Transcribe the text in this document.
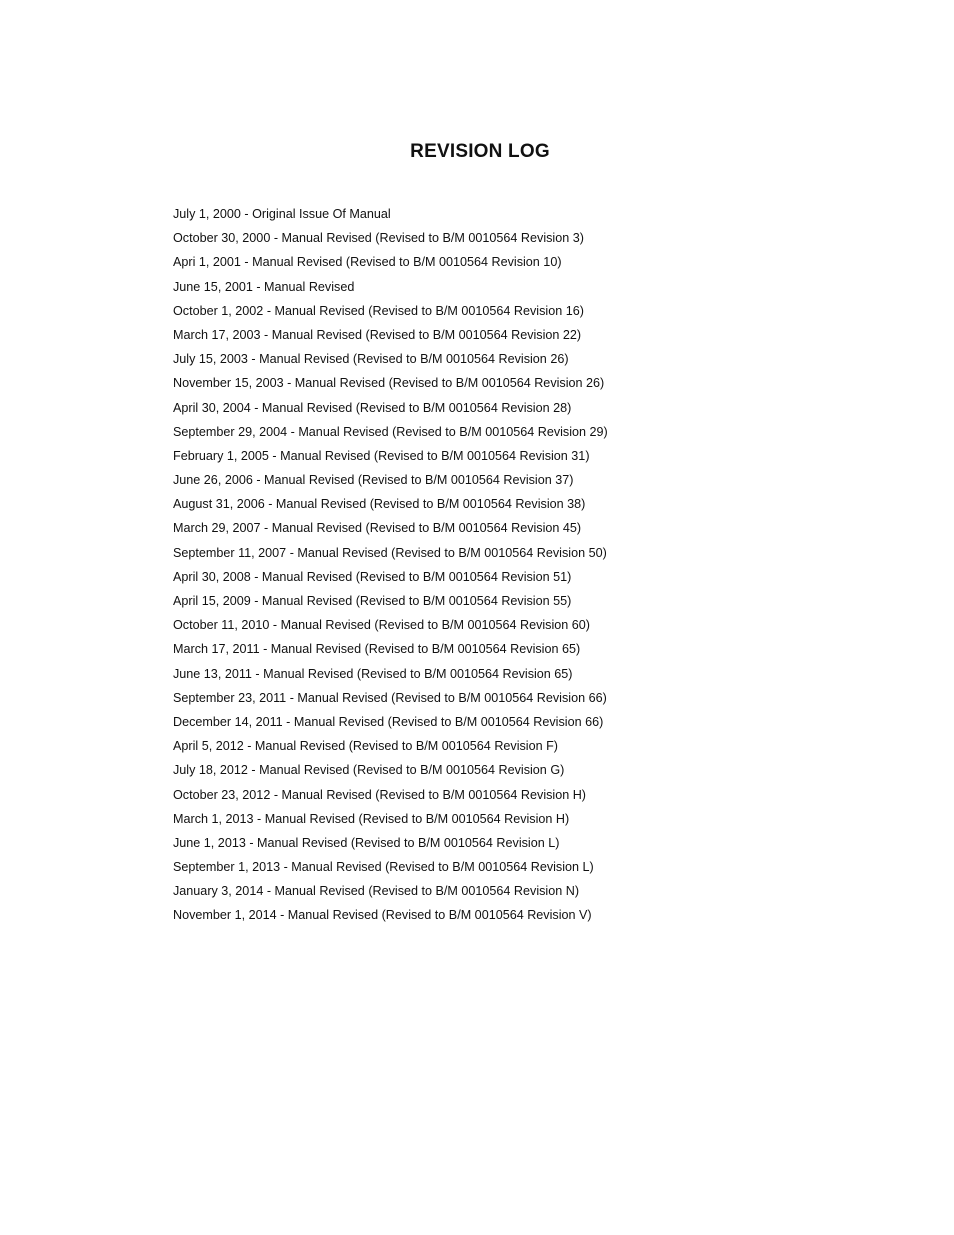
REVISION LOG
July 1, 2000 - Original Issue Of Manual
October 30, 2000 - Manual Revised (Revised to B/M 0010564 Revision 3)
Apri 1, 2001 - Manual Revised (Revised to B/M 0010564 Revision 10)
June 15, 2001 - Manual Revised
October 1, 2002 - Manual Revised (Revised to B/M 0010564 Revision 16)
March 17, 2003 - Manual Revised (Revised to B/M 0010564 Revision 22)
July 15, 2003 - Manual Revised (Revised to B/M 0010564 Revision 26)
November 15, 2003 - Manual Revised (Revised to B/M 0010564 Revision 26)
April 30, 2004 - Manual Revised (Revised to B/M 0010564 Revision 28)
September 29, 2004 - Manual Revised (Revised to B/M 0010564 Revision 29)
February 1, 2005 - Manual Revised (Revised to B/M 0010564 Revision 31)
June 26, 2006 - Manual Revised (Revised to B/M 0010564 Revision 37)
August 31, 2006 - Manual Revised (Revised to B/M 0010564 Revision 38)
March 29, 2007 - Manual Revised (Revised to B/M 0010564 Revision 45)
September 11, 2007 - Manual Revised (Revised to B/M 0010564 Revision 50)
April 30, 2008 - Manual Revised (Revised to B/M 0010564 Revision 51)
April 15, 2009 - Manual Revised (Revised to B/M 0010564 Revision 55)
October 11, 2010 - Manual Revised (Revised to B/M 0010564 Revision 60)
March 17, 2011 - Manual Revised (Revised to B/M 0010564 Revision 65)
June 13, 2011 - Manual Revised (Revised to B/M 0010564 Revision 65)
September 23, 2011 - Manual Revised (Revised to B/M 0010564 Revision 66)
December 14, 2011 - Manual Revised (Revised to B/M 0010564 Revision 66)
April 5, 2012 - Manual Revised (Revised to B/M 0010564 Revision F)
July 18, 2012 - Manual Revised (Revised to B/M 0010564 Revision G)
October 23, 2012 - Manual Revised (Revised to B/M 0010564 Revision H)
March 1, 2013 - Manual Revised (Revised to B/M 0010564 Revision H)
June 1, 2013 - Manual Revised (Revised to B/M 0010564 Revision L)
September 1, 2013 - Manual Revised (Revised to B/M 0010564 Revision L)
January 3, 2014 - Manual Revised (Revised to B/M 0010564 Revision N)
November 1, 2014 - Manual Revised (Revised to B/M 0010564 Revision V)
